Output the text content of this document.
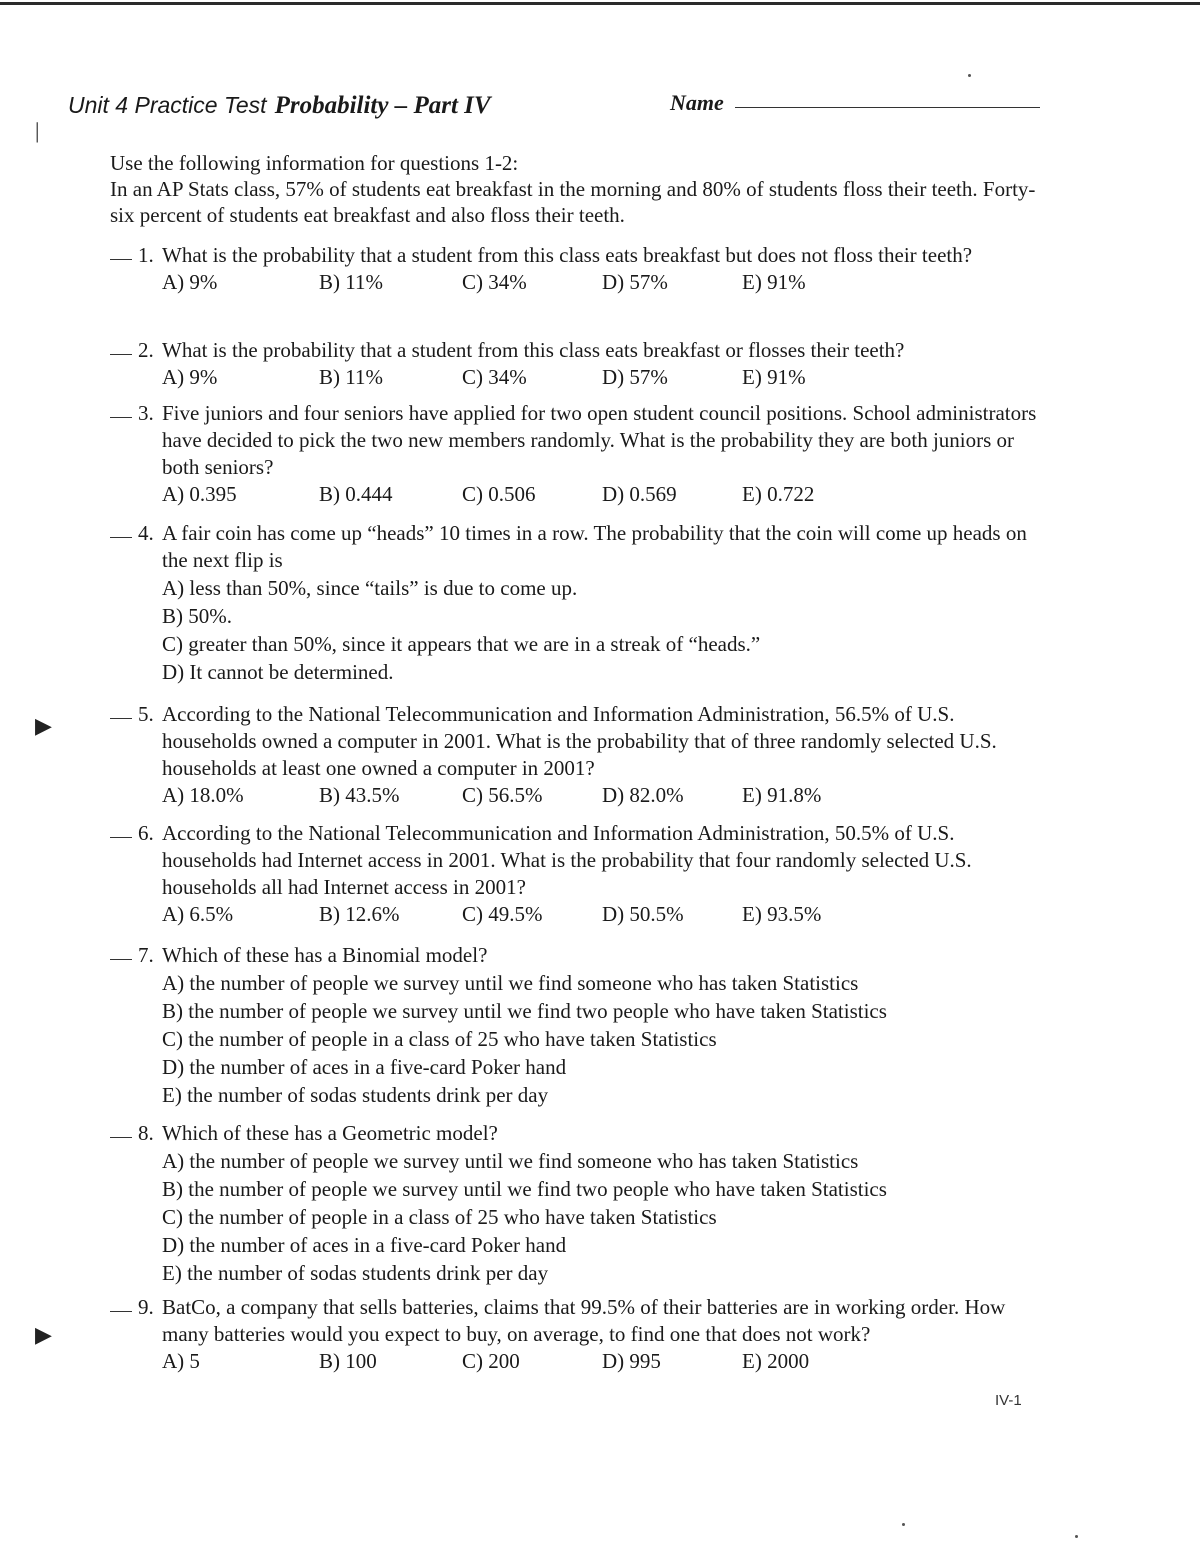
Unit 4 Practice Test Probability – Part IV	Name
|
▶
▶

Use the following information for questions 1-2:

In an AP Stats class, 57% of students eat breakfast in the morning and 80% of students floss their teeth. Forty-six percent of students eat breakfast and also floss their teeth.

1. What is the probability that a student from this class eats breakfast but does not floss their teeth?
A) 9%	B) 11%	C) 34%	D) 57%	E) 91%
2. What is the probability that a student from this class eats breakfast or flosses their teeth?
A) 9%	B) 11%	C) 34%	D) 57%	E) 91%
3. Five juniors and four seniors have applied for two open student council positions. School administrators have decided to pick the two new members randomly. What is the probability they are both juniors or both seniors?
A) 0.395	B) 0.444	C) 0.506	D) 0.569	E) 0.722
4. A fair coin has come up “heads” 10 times in a row. The probability that the coin will come up heads on the next flip is
A) less than 50%, since “tails” is due to come up.
B) 50%.
C) greater than 50%, since it appears that we are in a streak of “heads.”
D) It cannot be determined.
5. According to the National Telecommunication and Information Administration, 56.5% of U.S. households owned a computer in 2001. What is the probability that of three randomly selected U.S. households at least one owned a computer in 2001?
A) 18.0%	B) 43.5%	C) 56.5%	D) 82.0%	E) 91.8%
6. According to the National Telecommunication and Information Administration, 50.5% of U.S. households had Internet access in 2001. What is the probability that four randomly selected U.S. households all had Internet access in 2001?
A) 6.5%	B) 12.6%	C) 49.5%	D) 50.5%	E) 93.5%
7. Which of these has a Binomial model?
A) the number of people we survey until we find someone who has taken Statistics
B) the number of people we survey until we find two people who have taken Statistics
C) the number of people in a class of 25 who have taken Statistics
D) the number of aces in a five-card Poker hand
E) the number of sodas students drink per day
8. Which of these has a Geometric model?
A) the number of people we survey until we find someone who has taken Statistics
B) the number of people we survey until we find two people who have taken Statistics
C) the number of people in a class of 25 who have taken Statistics
D) the number of aces in a five-card Poker hand
E) the number of sodas students drink per day
9. BatCo, a company that sells batteries, claims that 99.5% of their batteries are in working order. How many batteries would you expect to buy, on average, to find one that does not work?
A) 5	B) 100	C) 200	D) 995	E) 2000
IV-1
